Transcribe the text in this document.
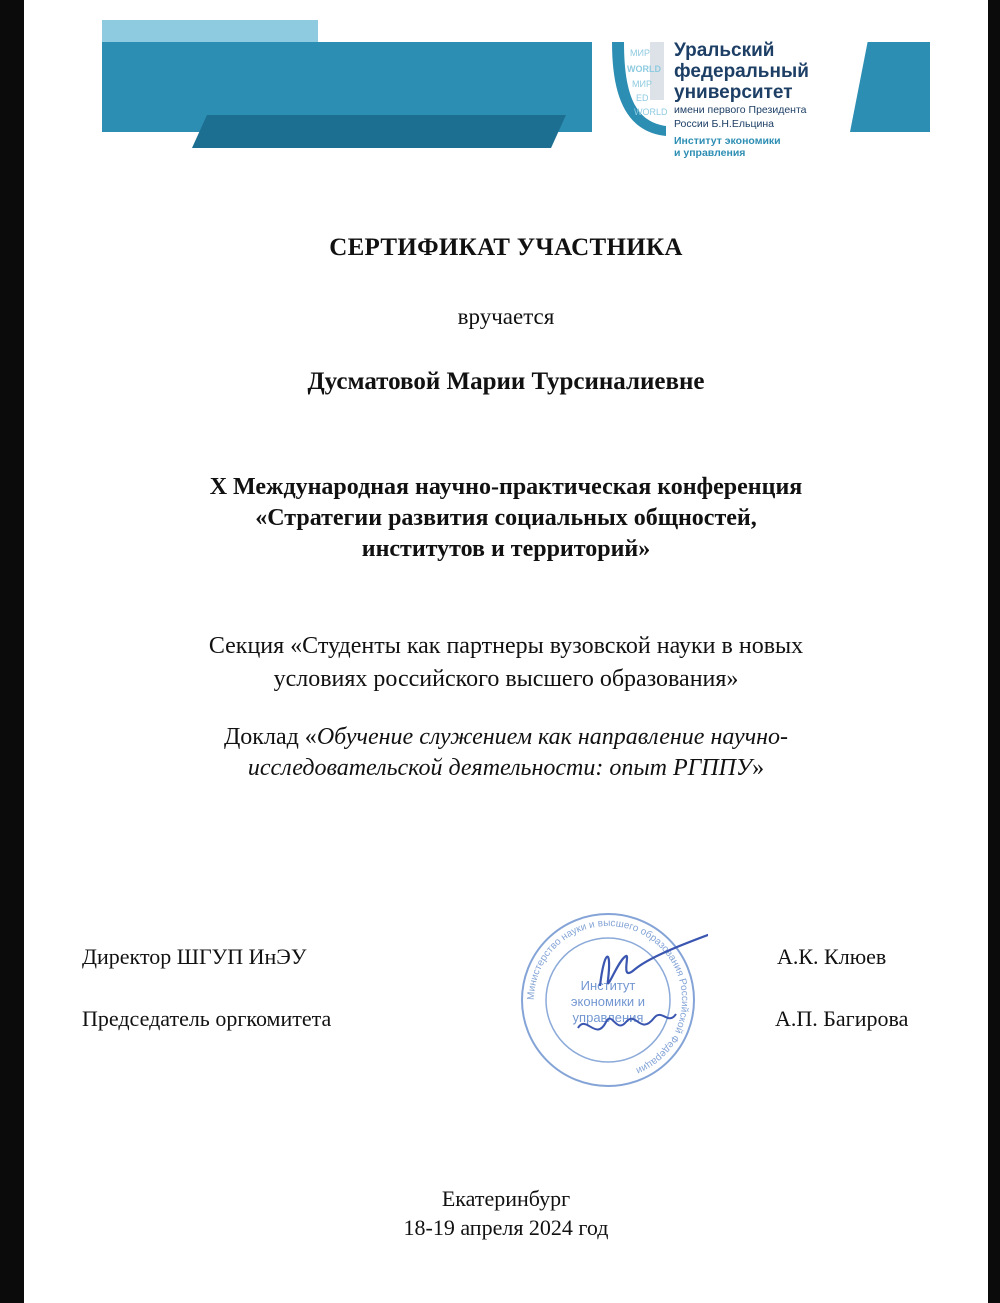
МИР
WORLD
МИР
ED
WORLD
Уральский
федеральный
университет
имени первого Президента
России Б.Н.Ельцина
Институт экономики
и управления
СЕРТИФИКАТ УЧАСТНИКА
вручается
Дусматовой Марии Турсиналиевне
X Международная научно-практическая конференция
«Стратегии развития социальных общностей,
институтов и территорий»
Секция «Студенты как партнеры вузовской науки в новых
условиях российского высшего образования»
Доклад «Обучение служением как направление научно-
исследовательской деятельности: опыт РГППУ»
Директор ШГУП ИнЭУ	А.К. Клюев
Председатель оргкомитета	А.П. Багирова
Министерство науки и высшего образования Российской Федерации
Институт
экономики и
управления
Екатеринбург
18-19 апреля 2024 год
